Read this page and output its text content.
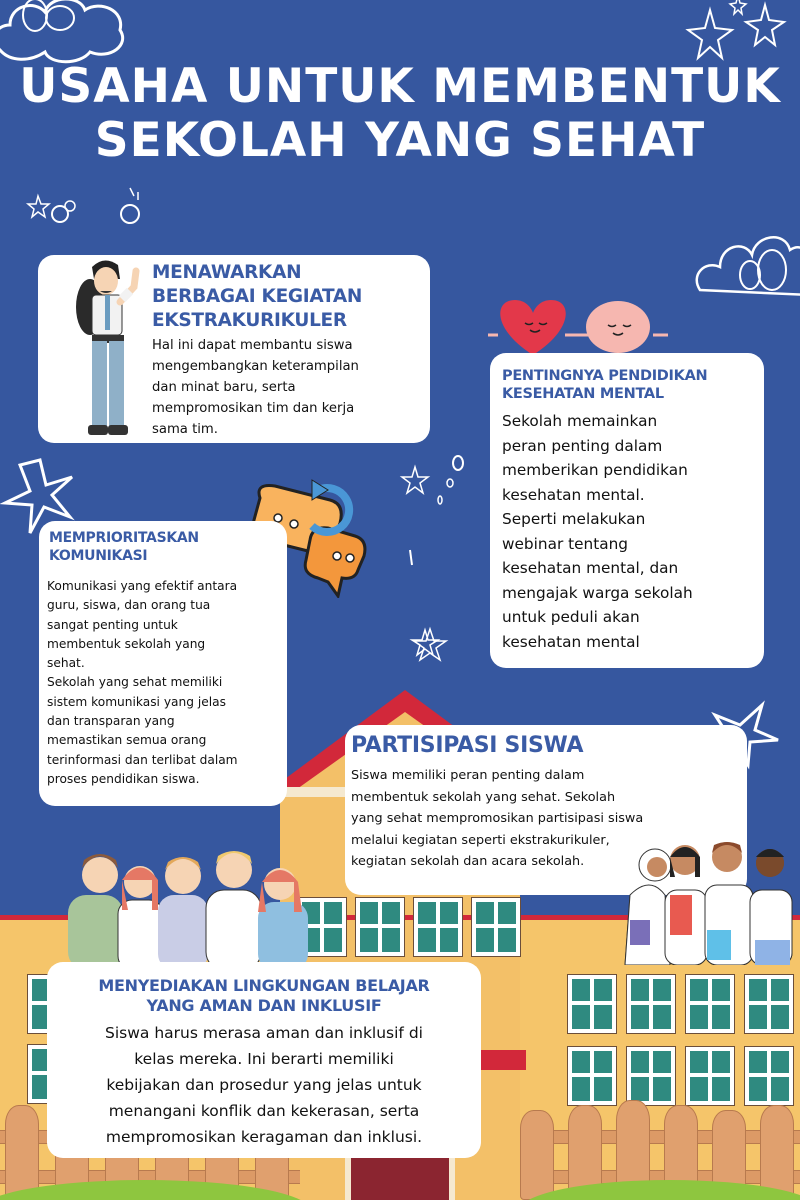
USAHA UNTUK MEMBENTUK
SEKOLAH YANG SEHAT
MENAWARKAN
BERBAGAI KEGIATAN
EKSTRAKURIKULER
Hal ini dapat membantu siswa
mengembangkan keterampilan
dan minat baru, serta
mempromosikan tim dan kerja
sama tim.
PENTINGNYA PENDIDIKAN
KESEHATAN MENTAL
Sekolah memainkan
peran penting dalam
memberikan pendidikan
kesehatan mental.
Seperti melakukan
webinar tentang
kesehatan mental, dan
mengajak warga sekolah
untuk peduli akan
kesehatan mental
MEMPRIORITASKAN
KOMUNIKASI
Komunikasi yang efektif antara
guru, siswa, dan orang tua
sangat penting untuk
membentuk sekolah yang
sehat.
Sekolah yang sehat memiliki
sistem komunikasi yang jelas
dan transparan yang
memastikan semua orang
terinformasi dan terlibat dalam
proses pendidikan siswa.
PARTISIPASI SISWA
Siswa memiliki peran penting dalam
membentuk sekolah yang sehat. Sekolah
yang sehat mempromosikan partisipasi siswa
melalui kegiatan seperti ekstrakurikuler,
kegiatan sekolah dan acara sekolah.
MENYEDIAKAN LINGKUNGAN BELAJAR
YANG AMAN DAN INKLUSIF
Siswa harus merasa aman dan inklusif di
kelas mereka. Ini berarti memiliki
kebijakan dan prosedur yang jelas untuk
menangani konflik dan kekerasan, serta
mempromosikan keragaman dan inklusi.
